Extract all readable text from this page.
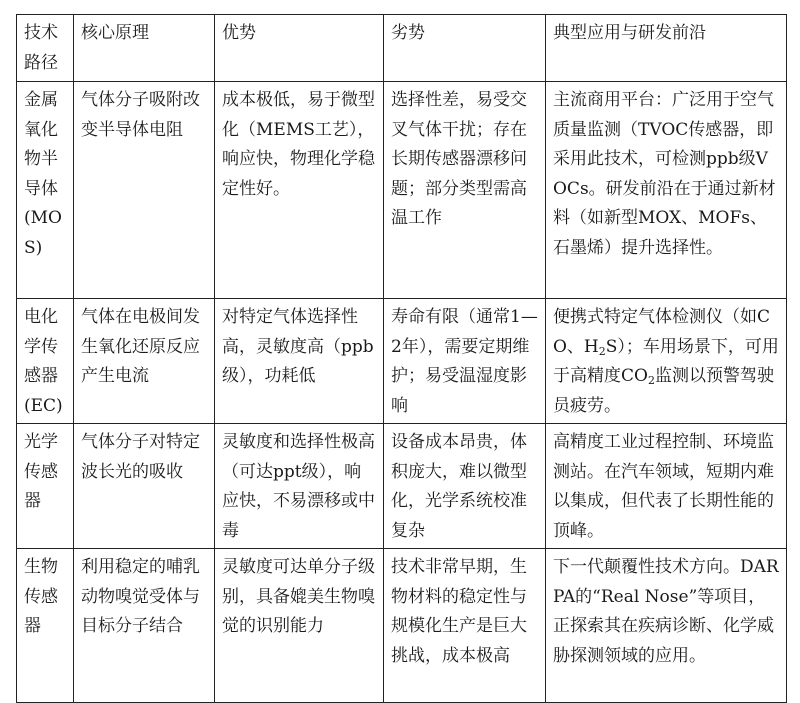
技术路径	核心原理	优势	劣势	典型应用与研发前沿
金属氧化物半导体(MOS)	气体分子吸附改变半导体电阻	成本极低，易于微型化（MEMS工艺），响应快，物理化学稳定性好。	选择性差，易受交叉气体干扰；存在长期传感器漂移问题；部分类型需高温工作	主流商用平台：广泛用于空气质量监测（TVOC传感器，即采用此技术，可检测ppb级VOCs。研发前沿在于通过新材料（如新型MOX、MOFs、石墨烯）提升选择性。
电化学传感器(EC)	气体在电极间发生氧化还原反应产生电流	对特定气体选择性高，灵敏度高（ppb级），功耗低	寿命有限（通常1—2年），需要定期维护；易受温湿度影响	便携式特定气体检测仪（如CO、$H_2S$）；车用场景下，可用于高精度$CO_2$监测以预警驾驶员疲劳。
光学传感器	气体分子对特定波长光的吸收	灵敏度和选择性极高（可达ppt级），响应快，不易漂移或中毒	设备成本昂贵，体积庞大，难以微型化，光学系统校准复杂	高精度工业过程控制、环境监测站。在汽车领域，短期内难以集成，但代表了长期性能的顶峰。
生物传感器	利用稳定的哺乳动物嗅觉受体与目标分子结合	灵敏度可达单分子级别，具备媲美生物嗅觉的识别能力	技术非常早期，生物材料的稳定性与规模化生产是巨大挑战，成本极高	下一代颠覆性技术方向。DARPA的“Real Nose”等项目，正探索其在疾病诊断、化学威胁探测领域的应用。
